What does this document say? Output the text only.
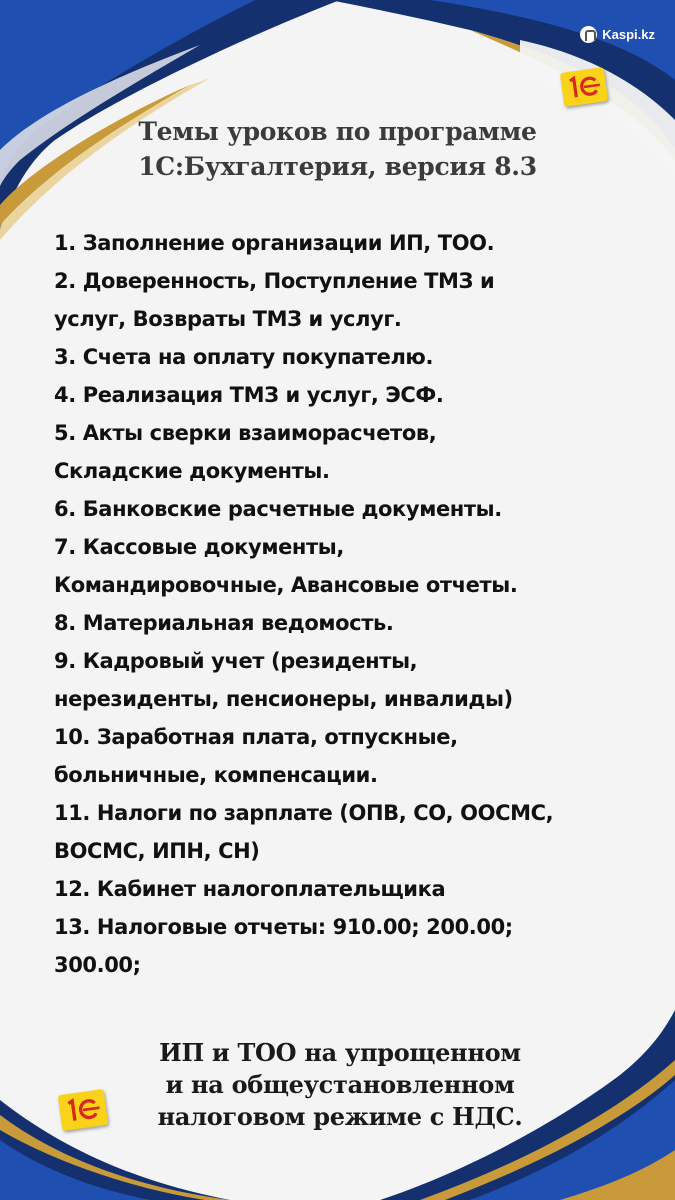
Kaspi.kz
Темы уроков по программе
1С:Бухгалтерия, версия 8.3
1. Заполнение организации ИП, ТОО.
2. Доверенность, Поступление ТМЗ и
услуг, Возвраты ТМЗ и услуг.
3. Счета на оплату покупателю.
4. Реализация ТМЗ и услуг, ЭСФ.
5. Акты сверки взаиморасчетов,
Складские документы.
6. Банковские расчетные документы.
7. Кассовые документы,
Командировочные, Авансовые отчеты.
8. Материальная ведомость.
9. Кадровый учет (резиденты,
нерезиденты, пенсионеры, инвалиды)
10. Заработная плата, отпускные,
больничные, компенсации.
11. Налоги по зарплате (ОПВ, СО, ООСМС,
ВОСМС, ИПН, СН)
12. Кабинет налогоплательщика
13. Налоговые отчеты: 910.00; 200.00;
300.00;
ИП и ТОО на упрощенном
и на общеустановленном
налоговом режиме с НДС.
